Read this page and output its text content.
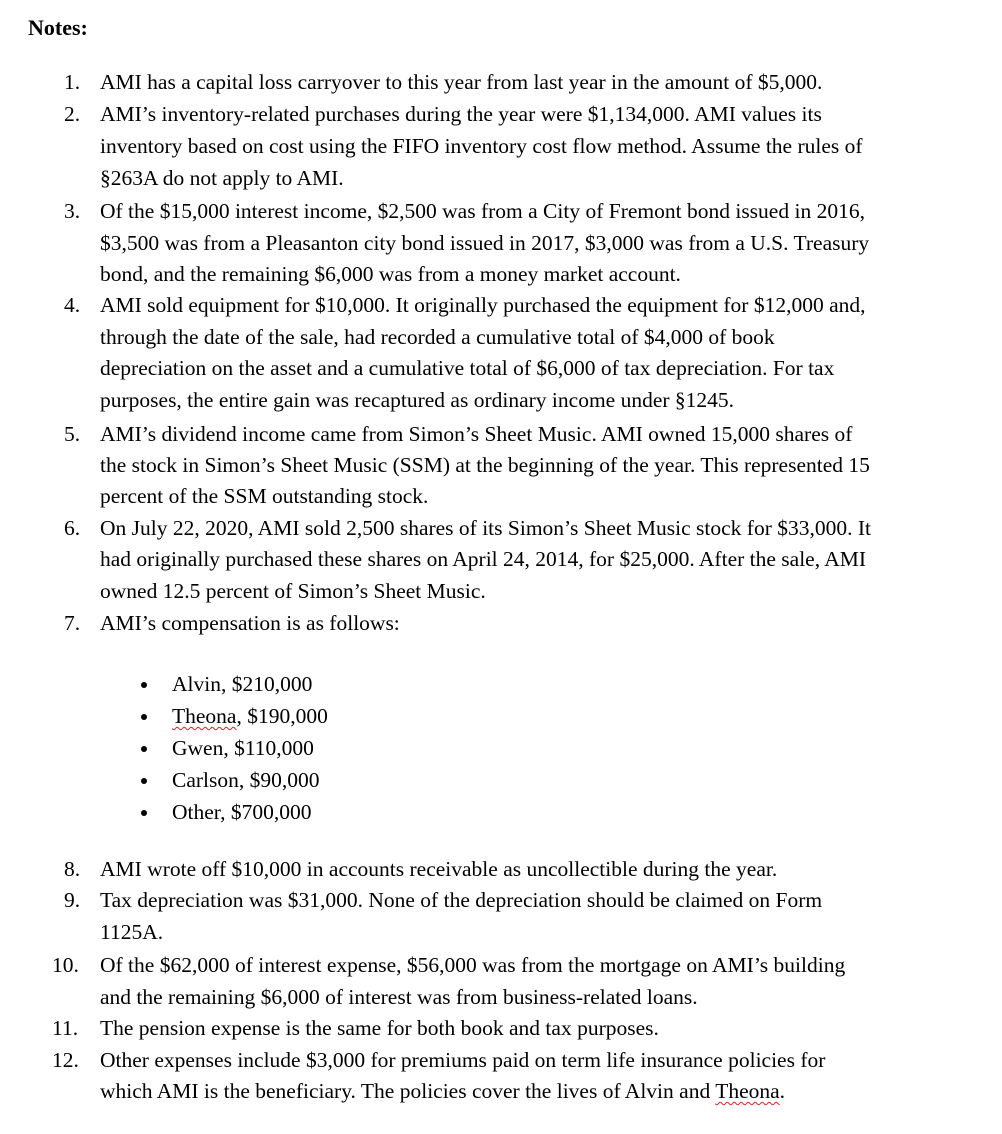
Notes:
1. AMI has a capital loss carryover to this year from last year in the amount of $5,000.
2. AMI’s inventory-related purchases during the year were $1,134,000. AMI values its
inventory based on cost using the FIFO inventory cost flow method. Assume the rules of
§263A do not apply to AMI.
3. Of the $15,000 interest income, $2,500 was from a City of Fremont bond issued in 2016,
$3,500 was from a Pleasanton city bond issued in 2017, $3,000 was from a U.S. Treasury
bond, and the remaining $6,000 was from a money market account.
4. AMI sold equipment for $10,000. It originally purchased the equipment for $12,000 and,
through the date of the sale, had recorded a cumulative total of $4,000 of book
depreciation on the asset and a cumulative total of $6,000 of tax depreciation. For tax
purposes, the entire gain was recaptured as ordinary income under §1245.
5. AMI’s dividend income came from Simon’s Sheet Music. AMI owned 15,000 shares of
the stock in Simon’s Sheet Music (SSM) at the beginning of the year. This represented 15
percent of the SSM outstanding stock.
6. On July 22, 2020, AMI sold 2,500 shares of its Simon’s Sheet Music stock for $33,000. It
had originally purchased these shares on April 24, 2014, for $25,000. After the sale, AMI
owned 12.5 percent of Simon’s Sheet Music.
7. AMI’s compensation is as follows:
Alvin, $210,000
Theona, $190,000
Gwen, $110,000
Carlson, $90,000
Other, $700,000
8. AMI wrote off $10,000 in accounts receivable as uncollectible during the year.
9. Tax depreciation was $31,000. None of the depreciation should be claimed on Form
1125A.
10. Of the $62,000 of interest expense, $56,000 was from the mortgage on AMI’s building
and the remaining $6,000 of interest was from business-related loans.
11. The pension expense is the same for both book and tax purposes.
12. Other expenses include $3,000 for premiums paid on term life insurance policies for
which AMI is the beneficiary. The policies cover the lives of Alvin and Theona.
